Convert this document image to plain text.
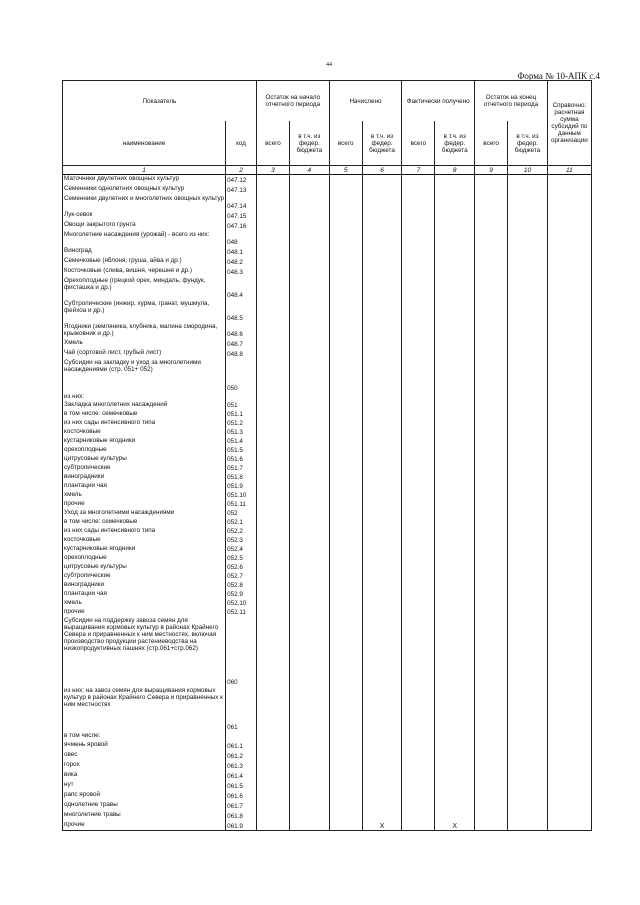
44
Форма № 10-АПК с.4
Показатель		Остаток на начало отчетного периода		Начислено		Фактически получено		Остаток на конец отчетного периода		Справочно: расчетная сумма субсидий по данным организации
наименование	код	всего	в т.ч. из федер. бюджета	всего	в т.ч. из федер. бюджета	всего	в т.ч. из федер. бюджета	всего	в т.ч. из федер. бюджета	
1	2	3	4	5	6	7	8	9	10	11
Маточники двулетних овощных культур	047.12									
Семенники однолетних овощных культур	047.13									
Семенники двулетних и многолетних овощных культур	047.14									
Лук-севок	047.15									
Овощи закрытого грунта	047.16									
Многолетние насаждения (урожай) - всего из них:	048									
Виноград	048.1									
Семечковые (яблоня, груша, айва и др.)	048.2									
Косточковые (слива, вишня, черешня и др.)	048.3									
Орехоплодные (грецкой орех, миндаль, фундук, фисташка и др.)	048.4									
Субтропические (инжир, хурма, гранат, мушмула, фейхоа и др.)	048.5									
Ягодники (земляника, клубника, малина смородина, крыжовник и др.)	048.6									
Хмель	048.7									
Чай (сортовой лист, грубый лист)	048.8									
Субсидии на закладку и уход за многолетними насаждениями (стр. 051+ 052)	050									
из них:										
Закладка многолетних насаждений	051									
в том числе: семечковые	051.1									
из них сады интенсивного типа	051.2									
косточковые	051.3									
кустарниковые ягодники	051.4									
орехоплодные	051.5									
цитрусовые культуры	051.6									
субтропические	051.7									
виноградники	051.8									
плантации чая	051.9									
хмель	051.10									
прочие	051.11									
Уход за многолетними насаждениями	052									
в том числе: семечковые	052.1									
из них сады интенсивного типа	052.2									
косточковые	052.3									
кустарниковые ягодники	052.4									
орехоплодные	052.5									
цитрусовые культуры	052.6									
субтропические	052.7									
виноградники	052.8									
плантации чая	052.9									
хмель	052.10									
прочие	052.11									
Субсидии на поддержку завоза семян для выращивания кормовых культур в районах Крайнего Севера и приравненных к ним местностях, включая производство продукции растениеводства на низкопродуктивных пашнях (стр.061+стр.062)	060									
из них: на завоз семян для выращивания кормовых культур в районах Крайнего Севера и приравненных к ним местностях	061									
в том числе:										
ячмень яровой	061.1									
овес	061.2									
горох	061.3									
вика	061.4									
нут	061.5									
рапс яровой	061.6									
однолетние травы	061.7									
многолетние травы	061.8									
прочие	061.9				Х		Х			
